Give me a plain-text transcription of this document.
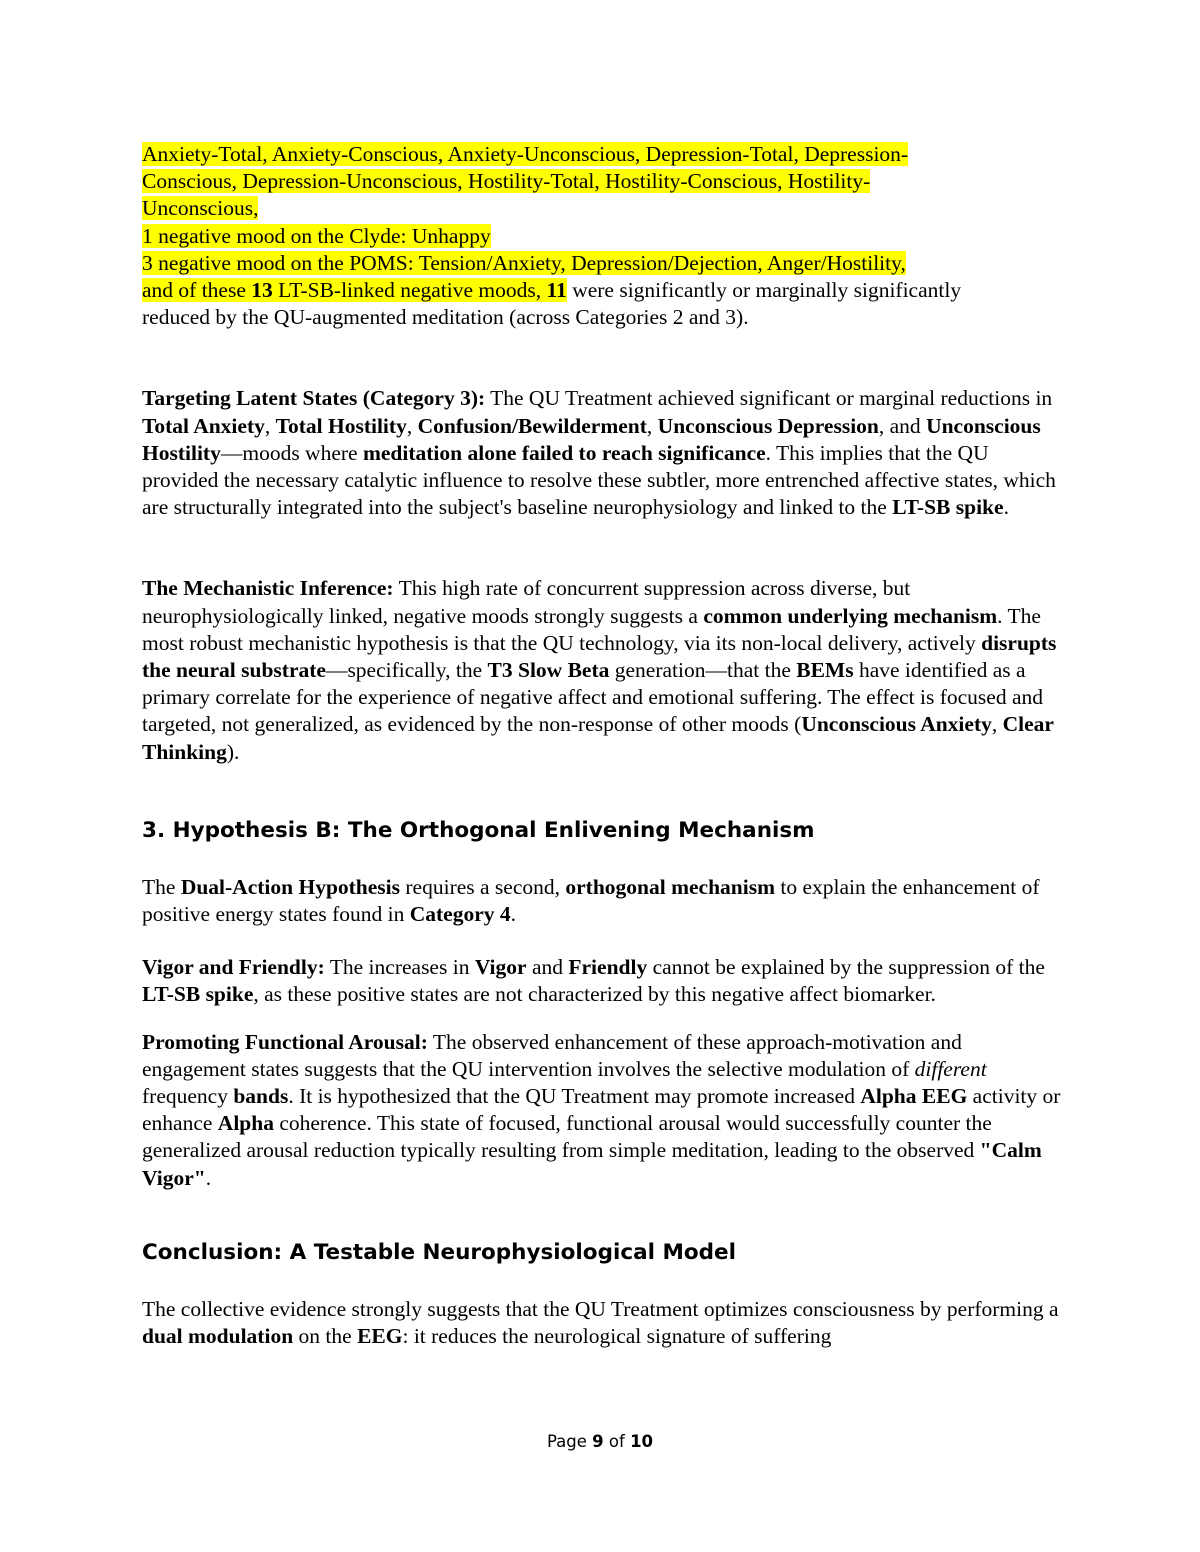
Anxiety-Total, Anxiety-Conscious, Anxiety-Unconscious, Depression-Total, Depression-
Conscious, Depression-Unconscious, Hostility-Total, Hostility-Conscious, Hostility-
Unconscious,
1 negative mood on the Clyde: Unhappy
3 negative mood on the POMS: Tension/Anxiety, Depression/Dejection, Anger/Hostility,
and of these 13 LT-SB-linked negative moods, 11 were significantly or marginally significantly
reduced by the QU-augmented meditation (across Categories 2 and 3).

Targeting Latent States (Category 3): The QU Treatment achieved significant or marginal reductions in Total Anxiety, Total Hostility, Confusion/Bewilderment, Unconscious Depression, and Unconscious Hostility—moods where meditation alone failed to reach significance. This implies that the QU provided the necessary catalytic influence to resolve these subtler, more entrenched affective states, which are structurally integrated into the subject's baseline neurophysiology and linked to the LT-SB spike.

The Mechanistic Inference: This high rate of concurrent suppression across diverse, but neurophysiologically linked, negative moods strongly suggests a common underlying mechanism. The most robust mechanistic hypothesis is that the QU technology, via its non-local delivery, actively disrupts the neural substrate—specifically, the T3 Slow Beta generation—that the BEMs have identified as a primary correlate for the experience of negative affect and emotional suffering. The effect is focused and targeted, not generalized, as evidenced by the non-response of other moods (Unconscious Anxiety, Clear Thinking).

3. Hypothesis B: The Orthogonal Enlivening Mechanism

The Dual-Action Hypothesis requires a second, orthogonal mechanism to explain the enhancement of positive energy states found in Category 4.

Vigor and Friendly: The increases in Vigor and Friendly cannot be explained by the suppression of the LT-SB spike, as these positive states are not characterized by this negative affect biomarker.

Promoting Functional Arousal: The observed enhancement of these approach-motivation and engagement states suggests that the QU intervention involves the selective modulation of different frequency bands. It is hypothesized that the QU Treatment may promote increased Alpha EEG activity or enhance Alpha coherence. This state of focused, functional arousal would successfully counter the generalized arousal reduction typically resulting from simple meditation, leading to the observed "Calm Vigor".

Conclusion: A Testable Neurophysiological Model

The collective evidence strongly suggests that the QU Treatment optimizes consciousness by performing a dual modulation on the EEG: it reduces the neurological signature of suffering

Page 9 of 10
